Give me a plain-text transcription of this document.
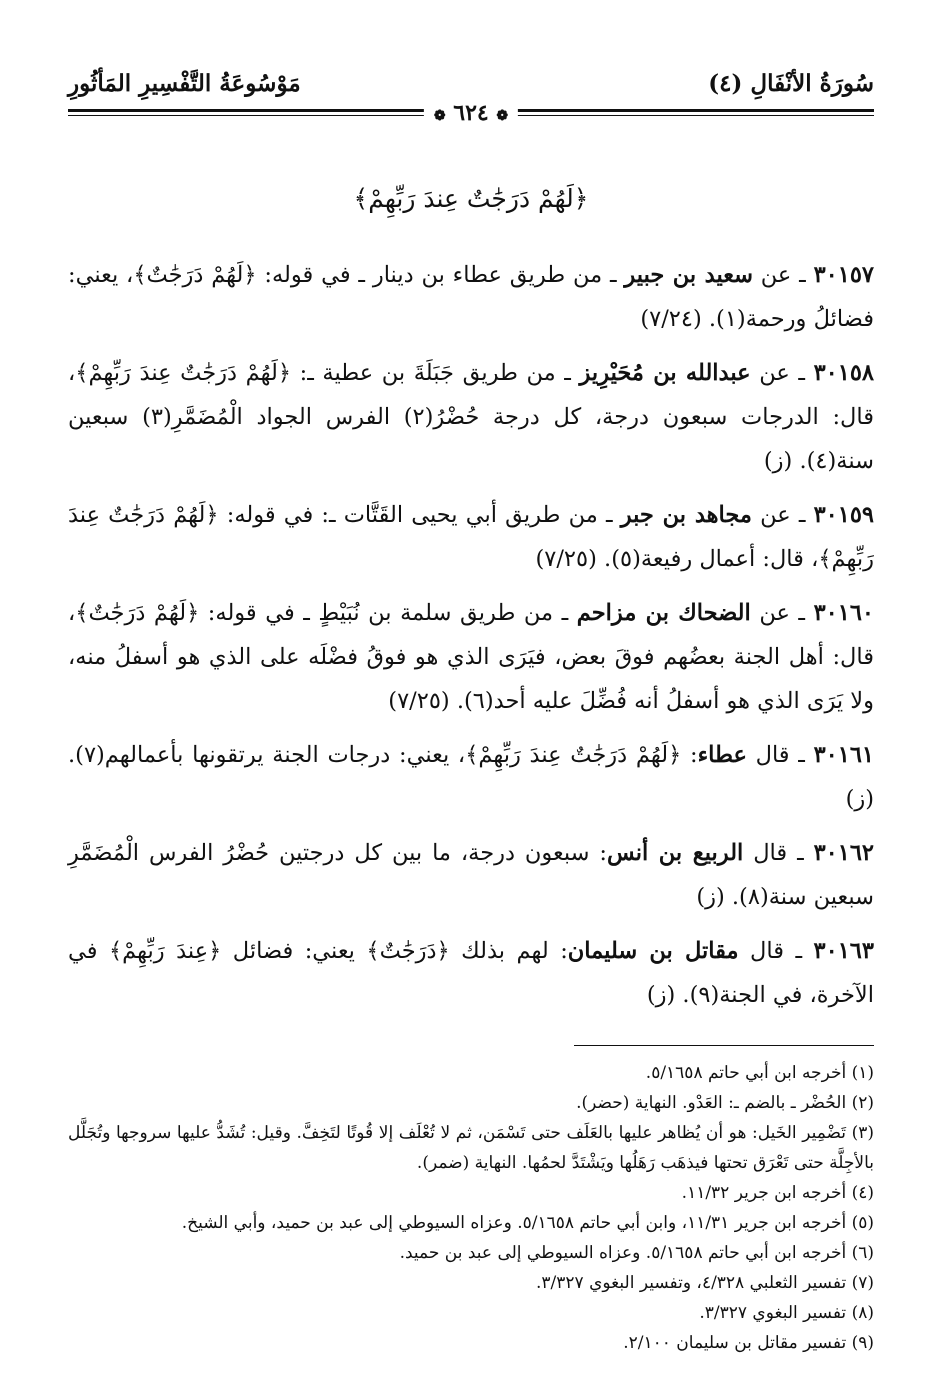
سُورَةُ الأنْفَالِ (٤)
مَوْسُوعَةُ التَّفْسِيرِ المَأثُورِ
❁ ٦٢٤ ❁
﴿لَهُمْ دَرَجَٰتٌ عِندَ رَبِّهِمْ﴾

٣٠١٥٧ ـ عن سعيد بن جبير ـ من طريق عطاء بن دينار ـ في قوله: ﴿لَهُمْ دَرَجَٰتٌ﴾، يعني: فضائلُ ورحمة(١). (٧/٢٤)

٣٠١٥٨ ـ عن عبدالله بن مُحَيْرِيز ـ من طريق جَبَلَةَ بن عطية ـ: ﴿لَهُمْ دَرَجَٰتٌ عِندَ رَبِّهِمْ﴾، قال: الدرجات سبعون درجة، كل درجة حُضْرُ(٢) الفرس الجواد الْمُضَمَّرِ(٣) سبعين سنة(٤). (ز)

٣٠١٥٩ ـ عن مجاهد بن جبر ـ من طريق أبي يحيى القَتَّات ـ: في قوله: ﴿لَهُمْ دَرَجَٰتٌ عِندَ رَبِّهِمْ﴾، قال: أعمال رفيعة(٥). (٧/٢٥)

٣٠١٦٠ ـ عن الضحاك بن مزاحم ـ من طريق سلمة بن نُبَيْطٍ ـ في قوله: ﴿لَهُمْ دَرَجَٰتٌ﴾، قال: أهل الجنة بعضُهم فوقَ بعض، فيَرَى الذي هو فوقُ فضْلَه على الذي هو أسفلُ منه، ولا يَرَى الذي هو أسفلُ أنه فُضِّلَ عليه أحد(٦). (٧/٢٥)

٣٠١٦١ ـ قال عطاء: ﴿لَهُمْ دَرَجَٰتٌ عِندَ رَبِّهِمْ﴾، يعني: درجات الجنة يرتقونها بأعمالهم(٧). (ز)

٣٠١٦٢ ـ قال الربيع بن أنس: سبعون درجة، ما بين كل درجتين حُضْرُ الفرس الْمُضَمَّرِ سبعين سنة(٨). (ز)

٣٠١٦٣ ـ قال مقاتل بن سليمان: لهم بذلك ﴿دَرَجَٰتٌ﴾ يعني: فضائل ﴿عِندَ رَبِّهِمْ﴾ في الآخرة، في الجنة(٩). (ز)

(١) أخرجه ابن أبي حاتم ٥/١٦٥٨.

(٢) الحُضْر ـ بالضم ـ: العَدْو. النهاية (حضر).

(٣) تَضْمِير الخَيل: هو أن يُظاهر عليها بالعَلَف حتى تَسْمَن، ثم لا تُعْلَف إلا قُوتًا لتَخِفَّ. وقيل: تُشَدُّ عليها سروجها وتُجَلَّل بالأجِلَّة حتى تَعْرَق تحتها فيذهَب رَهَلُها ويَشْتَدَّ لحمُها. النهاية (ضمر).

(٤) أخرجه ابن جرير ١١/٣٢.

(٥) أخرجه ابن جرير ١١/٣١، وابن أبي حاتم ٥/١٦٥٨. وعزاه السيوطي إلى عبد بن حميد، وأبي الشيخ.

(٦) أخرجه ابن أبي حاتم ٥/١٦٥٨. وعزاه السيوطي إلى عبد بن حميد.

(٧) تفسير الثعلبي ٤/٣٢٨، وتفسير البغوي ٣/٣٢٧.

(٨) تفسير البغوي ٣/٣٢٧.

(٩) تفسير مقاتل بن سليمان ٢/١٠٠.
